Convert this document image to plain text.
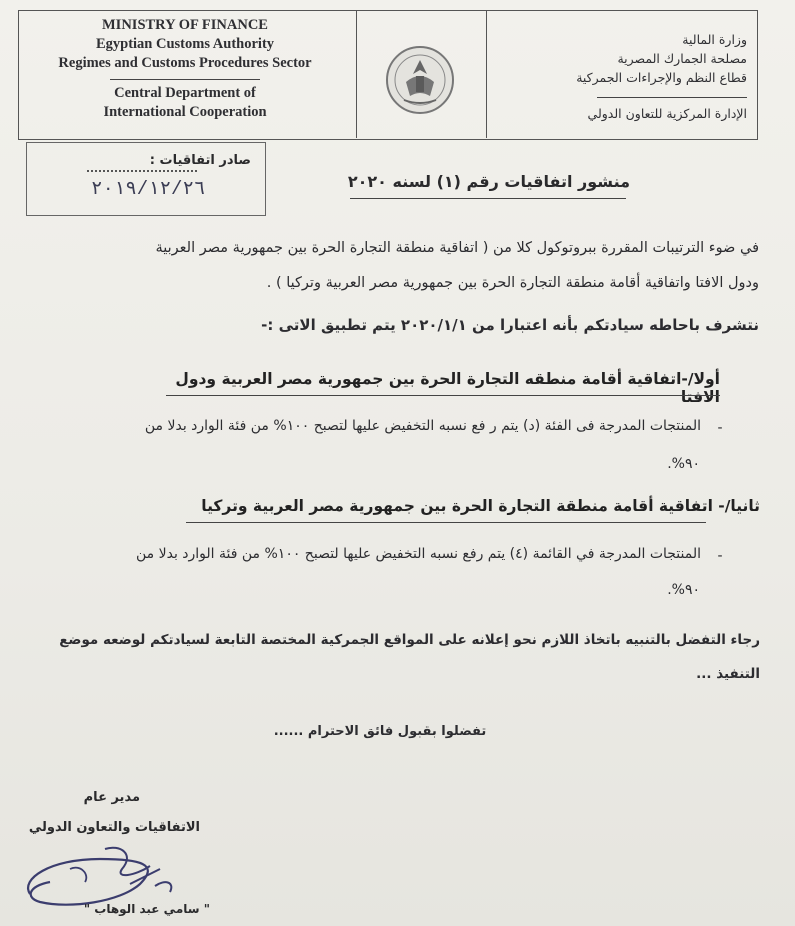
MINISTRY OF FINANCE
Egyptian Customs Authority
Regimes and Customs Procedures Sector
Central Department of
International Cooperation
وزارة المالية
مصلحة الجمارك المصرية
قطاع النظم والإجراءات الجمركية
الإدارة المركزية للتعاون الدولي
صادر اتفاقيات :
٢٠١٩/١٢/٢٦	منشور اتفاقيات رقم (١) لسنه ٢٠٢٠
في ضوء الترتيبات المقررة ببروتوكول كلا من ( اتفاقية منطقة التجارة الحرة بين جمهورية مصر العربية
ودول الافتا واتفاقية أقامة منطقة التجارة الحرة بين جمهورية مصر العربية وتركيا ) .
نتشرف باحاطه سيادتكم بأنه اعتبارا من ٢٠٢٠/١/١ يتم تطبيق الاتى :-
أولا/-اتفاقية أقامة منطقه التجارة الحرة بين جمهورية مصر العربية ودول الافتا
-
المنتجات المدرجة فى الفئة (د) يتم ر فع نسبه التخفيض عليها لتصبح ١٠٠% من فئة الوارد بدلا من
٩٠%.
ثانيا/- اتفاقية أقامة منطقة التجارة الحرة بين جمهورية مصر العربية وتركيا
-
المنتجات المدرجة في القائمة (٤) يتم رفع نسبه التخفيض عليها لتصبح ١٠٠% من فئة الوارد بدلا من
٩٠%.
رجاء التفضل بالتنبيه باتخاذ اللازم نحو إعلانه على المواقع الجمركية المختصة التابعة لسيادتكم لوضعه موضع
التنفيذ ...
تفضلوا بقبول فائق الاحترام ......
مدير عام
الاتفاقيات والتعاون الدولي
" سامي عبد الوهاب "
